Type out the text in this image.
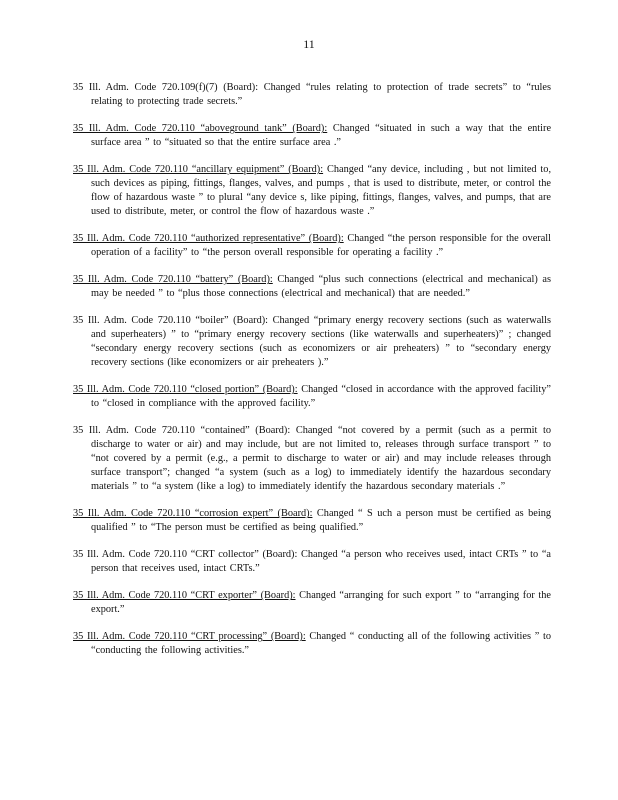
11

35 Ill. Adm. Code 720.109(f)(7) (Board): Changed “rules relating to protection of trade secrets” to “rules relating to protecting trade secrets.”

35 Ill. Adm. Code 720.110 “aboveground tank” (Board): Changed “situated in such a way that the entire surface area ” to “situated so that the entire surface area .”

35 Ill. Adm. Code 720.110 “ancillary equipment” (Board): Changed “any device, including , but not limited to, such devices as piping, fittings, flanges, valves, and pumps , that is used to distribute, meter, or control the flow of hazardous waste ” to plural “any device s, like piping, fittings, flanges, valves, and pumps, that are used to distribute, meter, or control the flow of hazardous waste .”

35 Ill. Adm. Code 720.110 “authorized representative” (Board): Changed “the person responsible for the overall operation of a facility” to “the person overall responsible for operating a facility .”

35 Ill. Adm. Code 720.110 “battery” (Board): Changed “plus such connections (electrical and mechanical) as may be needed ” to “plus those connections (electrical and mechanical) that are needed.”

35 Ill. Adm. Code 720.110 “boiler” (Board): Changed “primary energy recovery sections (such as waterwalls and superheaters) ” to “primary energy recovery sections (like waterwalls and superheaters)” ; changed “secondary energy recovery sections (such as economizers or air preheaters) ” to “secondary energy recovery sections (like economizers or air preheaters ).”

35 Ill. Adm. Code 720.110 “closed portion” (Board): Changed “closed in accordance with the approved facility” to “closed in compliance with the approved facility.”

35 Ill. Adm. Code 720.110 “contained” (Board): Changed “not covered by a permit (such as a permit to discharge to water or air) and may include, but are not limited to, releases through surface transport ” to “not covered by a permit (e.g., a permit to discharge to water or air) and may include releases through surface transport”; changed “a system (such as a log) to immediately identify the hazardous secondary materials ” to “a system (like a log) to immediately identify the hazardous secondary materials .”

35 Ill. Adm. Code 720.110 “corrosion expert” (Board): Changed “ S uch a person must be certified as being qualified ” to “The person must be certified as being qualified.”

35 Ill. Adm. Code 720.110 “CRT collector” (Board): Changed “a person who receives used, intact CRTs ” to “a person that receives used, intact CRTs.”

35 Ill. Adm. Code 720.110 “CRT exporter” (Board): Changed “arranging for such export ” to “arranging for the export.”

35 Ill. Adm. Code 720.110 “CRT processing” (Board): Changed “ conducting all of the following activities ” to “conducting the following activities.”
